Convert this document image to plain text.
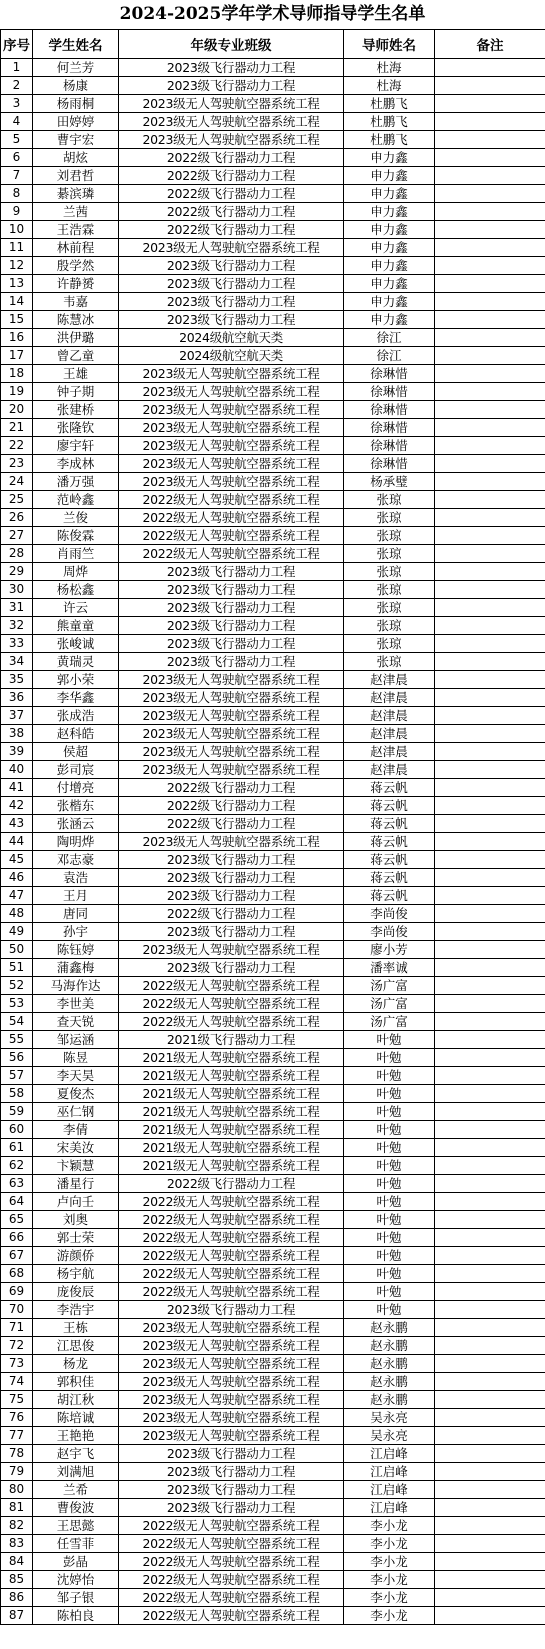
2024-2025学年学术导师指导学生名单
序号	学生姓名	年级专业班级	导师姓名	备注
1	何兰芳	2023级飞行器动力工程	杜海	
2	杨康	2023级飞行器动力工程	杜海	
3	杨雨桐	2023级无人驾驶航空器系统工程	杜鹏飞	
4	田婷婷	2023级无人驾驶航空器系统工程	杜鹏飞	
5	曹宇宏	2023级无人驾驶航空器系统工程	杜鹏飞	
6	胡炫	2022级飞行器动力工程	申力鑫	
7	刘君哲	2022级飞行器动力工程	申力鑫	
8	綦滨璘	2022级飞行器动力工程	申力鑫	
9	兰茜	2022级飞行器动力工程	申力鑫	
10	王浩霖	2022级飞行器动力工程	申力鑫	
11	林前程	2023级无人驾驶航空器系统工程	申力鑫	
12	殷学然	2023级飞行器动力工程	申力鑫	
13	许静赟	2023级飞行器动力工程	申力鑫	
14	韦嘉	2023级飞行器动力工程	申力鑫	
15	陈慧冰	2023级飞行器动力工程	申力鑫	
16	洪伊璐	2024级航空航天类	徐江	
17	曾乙童	2024级航空航天类	徐江	
18	王雄	2023级无人驾驶航空器系统工程	徐琳惜	
19	钟子期	2023级无人驾驶航空器系统工程	徐琳惜	
20	张建桥	2023级无人驾驶航空器系统工程	徐琳惜	
21	张隆钦	2023级无人驾驶航空器系统工程	徐琳惜	
22	廖宇轩	2023级无人驾驶航空器系统工程	徐琳惜	
23	李成林	2023级无人驾驶航空器系统工程	徐琳惜	
24	潘万强	2023级无人驾驶航空器系统工程	杨承璧	
25	范岭鑫	2022级无人驾驶航空器系统工程	张琼	
26	兰俊	2022级无人驾驶航空器系统工程	张琼	
27	陈俊霖	2022级无人驾驶航空器系统工程	张琼	
28	肖雨竺	2022级无人驾驶航空器系统工程	张琼	
29	周烨	2023级飞行器动力工程	张琼	
30	杨松鑫	2023级飞行器动力工程	张琼	
31	许云	2023级飞行器动力工程	张琼	
32	熊童童	2023级飞行器动力工程	张琼	
33	张峻诚	2023级飞行器动力工程	张琼	
34	黄瑞灵	2023级飞行器动力工程	张琼	
35	郭小荣	2023级无人驾驶航空器系统工程	赵津晨	
36	李华鑫	2023级无人驾驶航空器系统工程	赵津晨	
37	张成浩	2023级无人驾驶航空器系统工程	赵津晨	
38	赵科皓	2023级无人驾驶航空器系统工程	赵津晨	
39	侯超	2023级无人驾驶航空器系统工程	赵津晨	
40	彭司宸	2023级无人驾驶航空器系统工程	赵津晨	
41	付增亮	2022级飞行器动力工程	蒋云帆	
42	张楷东	2022级飞行器动力工程	蒋云帆	
43	张涵云	2022级飞行器动力工程	蒋云帆	
44	陶明烨	2023级无人驾驶航空器系统工程	蒋云帆	
45	邓志豪	2023级飞行器动力工程	蒋云帆	
46	袁浩	2023级飞行器动力工程	蒋云帆	
47	王月	2023级飞行器动力工程	蒋云帆	
48	唐同	2022级飞行器动力工程	李尚俊	
49	孙宇	2023级飞行器动力工程	李尚俊	
50	陈钰婷	2023级无人驾驶航空器系统工程	廖小芳	
51	蒲鑫梅	2023级飞行器动力工程	潘率诚	
52	马海作达	2022级无人驾驶航空器系统工程	汤广富	
53	李世美	2022级无人驾驶航空器系统工程	汤广富	
54	查天锐	2022级无人驾驶航空器系统工程	汤广富	
55	邹运涵	2021级飞行器动力工程	叶勉	
56	陈昱	2021级无人驾驶航空器系统工程	叶勉	
57	李天昊	2021级无人驾驶航空器系统工程	叶勉	
58	夏俊杰	2021级无人驾驶航空器系统工程	叶勉	
59	巫仁钢	2021级无人驾驶航空器系统工程	叶勉	
60	李倩	2021级无人驾驶航空器系统工程	叶勉	
61	宋美汝	2021级无人驾驶航空器系统工程	叶勉	
62	卞颖慧	2021级无人驾驶航空器系统工程	叶勉	
63	潘星行	2022级飞行器动力工程	叶勉	
64	卢向壬	2022级无人驾驶航空器系统工程	叶勉	
65	刘奥	2022级无人驾驶航空器系统工程	叶勉	
66	郭士荣	2022级无人驾驶航空器系统工程	叶勉	
67	游颜侨	2022级无人驾驶航空器系统工程	叶勉	
68	杨宇航	2022级无人驾驶航空器系统工程	叶勉	
69	庞俊辰	2022级无人驾驶航空器系统工程	叶勉	
70	李浩宇	2023级飞行器动力工程	叶勉	
71	王栋	2023级无人驾驶航空器系统工程	赵永鹏	
72	江思俊	2023级无人驾驶航空器系统工程	赵永鹏	
73	杨龙	2023级无人驾驶航空器系统工程	赵永鹏	
74	郭积佳	2023级无人驾驶航空器系统工程	赵永鹏	
75	胡江秋	2023级无人驾驶航空器系统工程	赵永鹏	
76	陈培诚	2023级无人驾驶航空器系统工程	吴永亮	
77	王艳艳	2023级无人驾驶航空器系统工程	吴永亮	
78	赵宇飞	2023级飞行器动力工程	江启峰	
79	刘满旭	2023级飞行器动力工程	江启峰	
80	兰希	2023级飞行器动力工程	江启峰	
81	曹俊波	2023级飞行器动力工程	江启峰	
82	王思懿	2022级无人驾驶航空器系统工程	李小龙	
83	任雪菲	2022级无人驾驶航空器系统工程	李小龙	
84	彭晶	2022级无人驾驶航空器系统工程	李小龙	
85	沈婷怡	2022级无人驾驶航空器系统工程	李小龙	
86	邹子银	2022级无人驾驶航空器系统工程	李小龙	
87	陈柏良	2022级无人驾驶航空器系统工程	李小龙	
